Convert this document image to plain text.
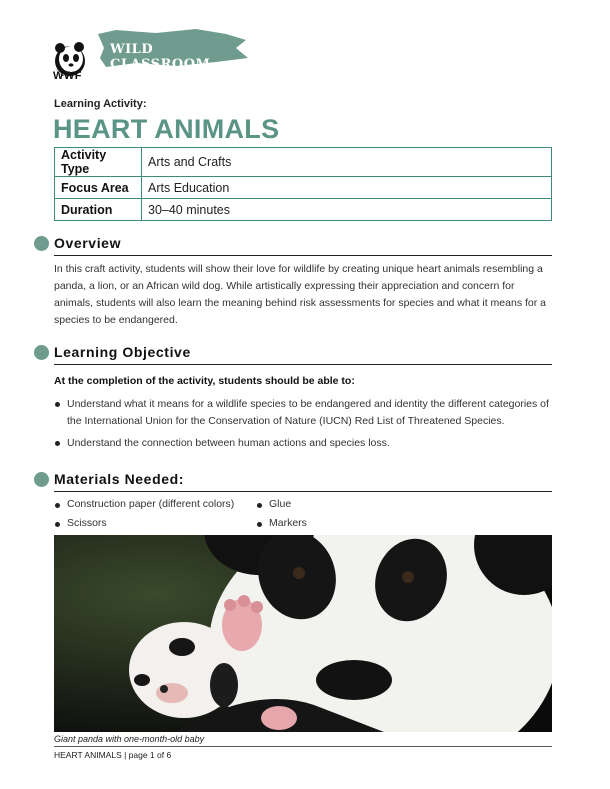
WWF
WILD CLASSROOM
Learning Activity:
HEART ANIMALS
Activity Type	Arts and Crafts
Focus Area	Arts Education
Duration	30–40 minutes
Overview
In this craft activity, students will show their love for wildlife by creating unique heart animals resembling a panda, a lion, or an African wild dog. While artistically expressing their appreciation and concern for animals, students will also learn the meaning behind risk assessments for species and what it means for a species to be endangered.
Learning Objective
At the completion of the activity, students should be able to:
Understand what it means for a wildlife species to be endangered and identity the different categories of the International Union for the Conservation of Nature (IUCN) Red List of Threatened Species.
Understand the connection between human actions and species loss.
Materials Needed:
Construction paper (different colors)	Glue
Scissors	Markers
Giant panda with one-month-old baby
HEART ANIMALS | page 1 of 6
